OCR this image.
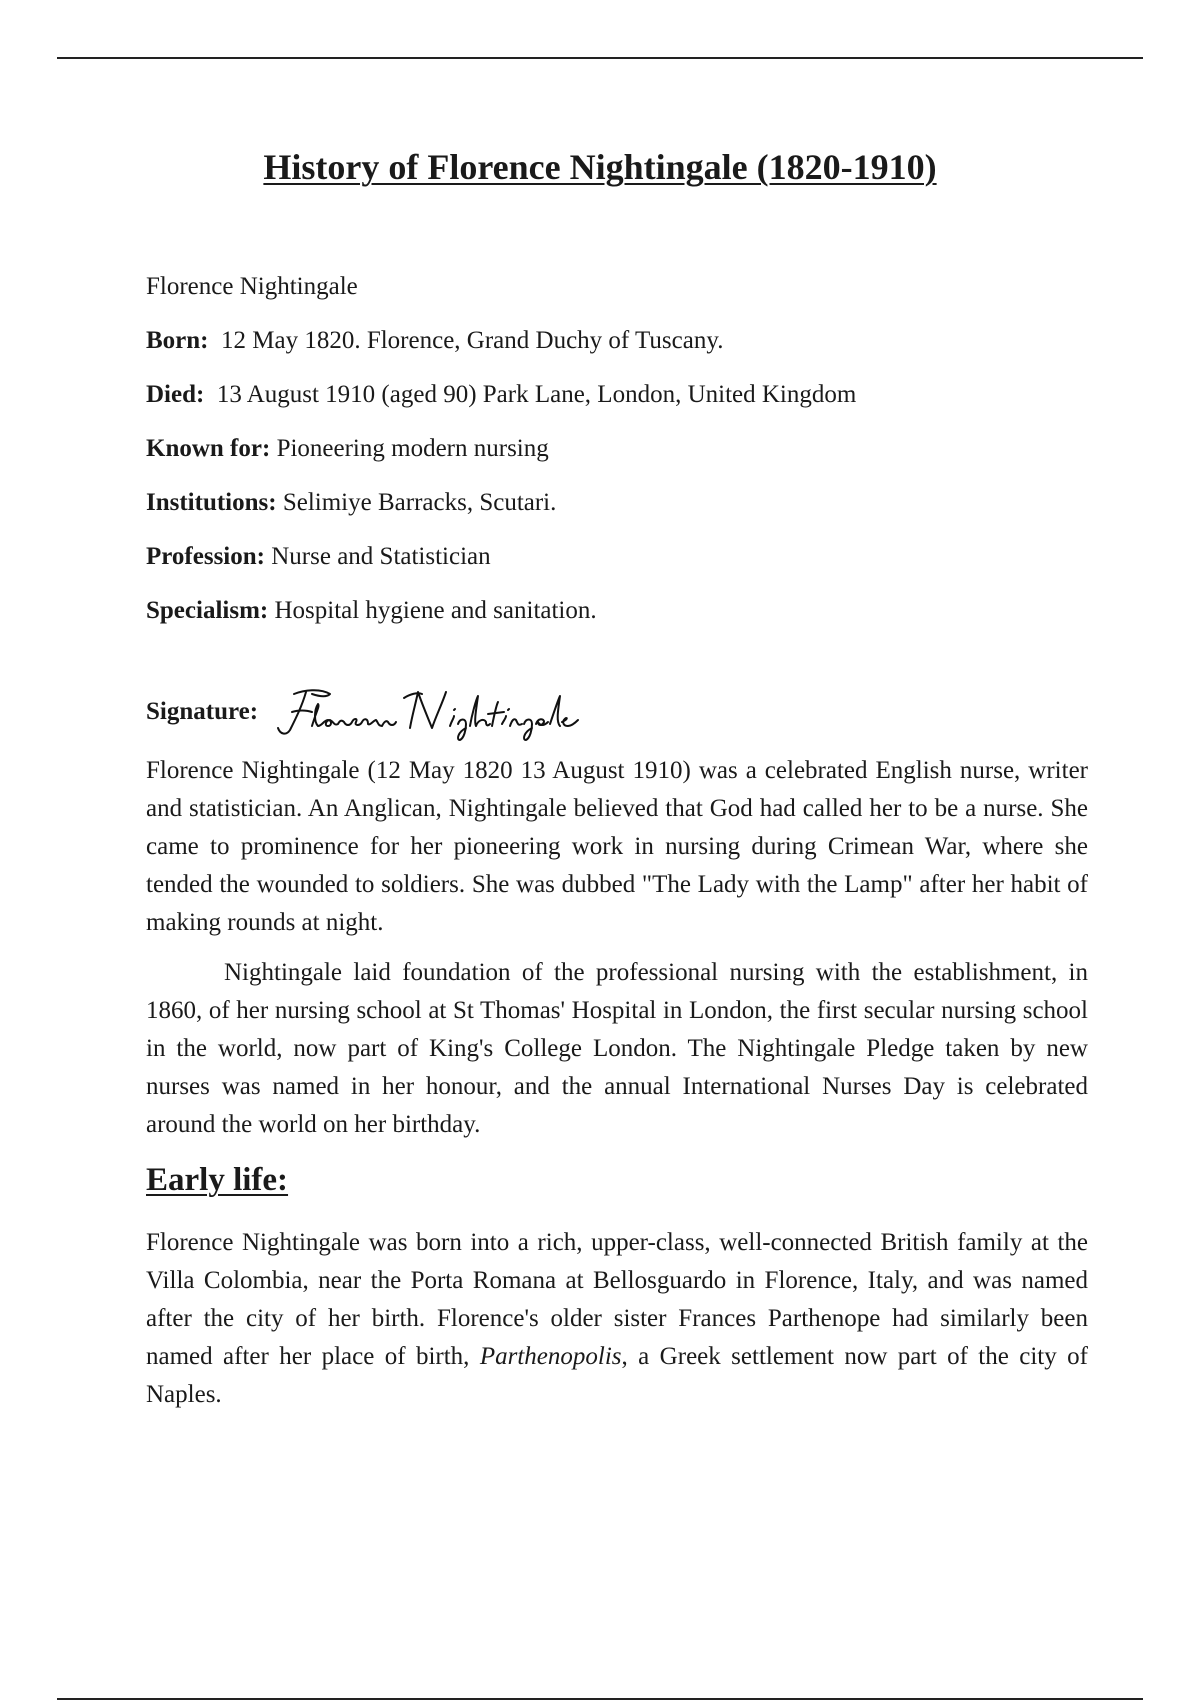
History of Florence Nightingale (1820-1910)
Florence Nightingale
Born: 12 May 1820. Florence, Grand Duchy of Tuscany.
Died: 13 August 1910 (aged 90) Park Lane, London, United Kingdom
Known for: Pioneering modern nursing
Institutions: Selimiye Barracks, Scutari.
Profession: Nurse and Statistician
Specialism: Hospital hygiene and sanitation.
Signature:

Florence Nightingale (12 May 1820 13 August 1910) was a celebrated English nurse, writer and statistician. An Anglican, Nightingale believed that God had called her to be a nurse. She came to prominence for her pioneering work in nursing during Crimean War, where she tended the wounded to soldiers. She was dubbed "The Lady with the Lamp" after her habit of making rounds at night.

Nightingale laid foundation of the professional nursing with the establishment, in 1860, of her nursing school at St Thomas' Hospital in London, the first secular nursing school in the world, now part of King's College London. The Nightingale Pledge taken by new nurses was named in her honour, and the annual International Nurses Day is celebrated around the world on her birthday.

Early life:

Florence Nightingale was born into a rich, upper-class, well-connected British family at the Villa Colombia, near the Porta Romana at Bellosguardo in Florence, Italy, and was named after the city of her birth. Florence's older sister Frances Parthenope had similarly been named after her place of birth, Parthenopolis, a Greek settlement now part of the city of Naples.
